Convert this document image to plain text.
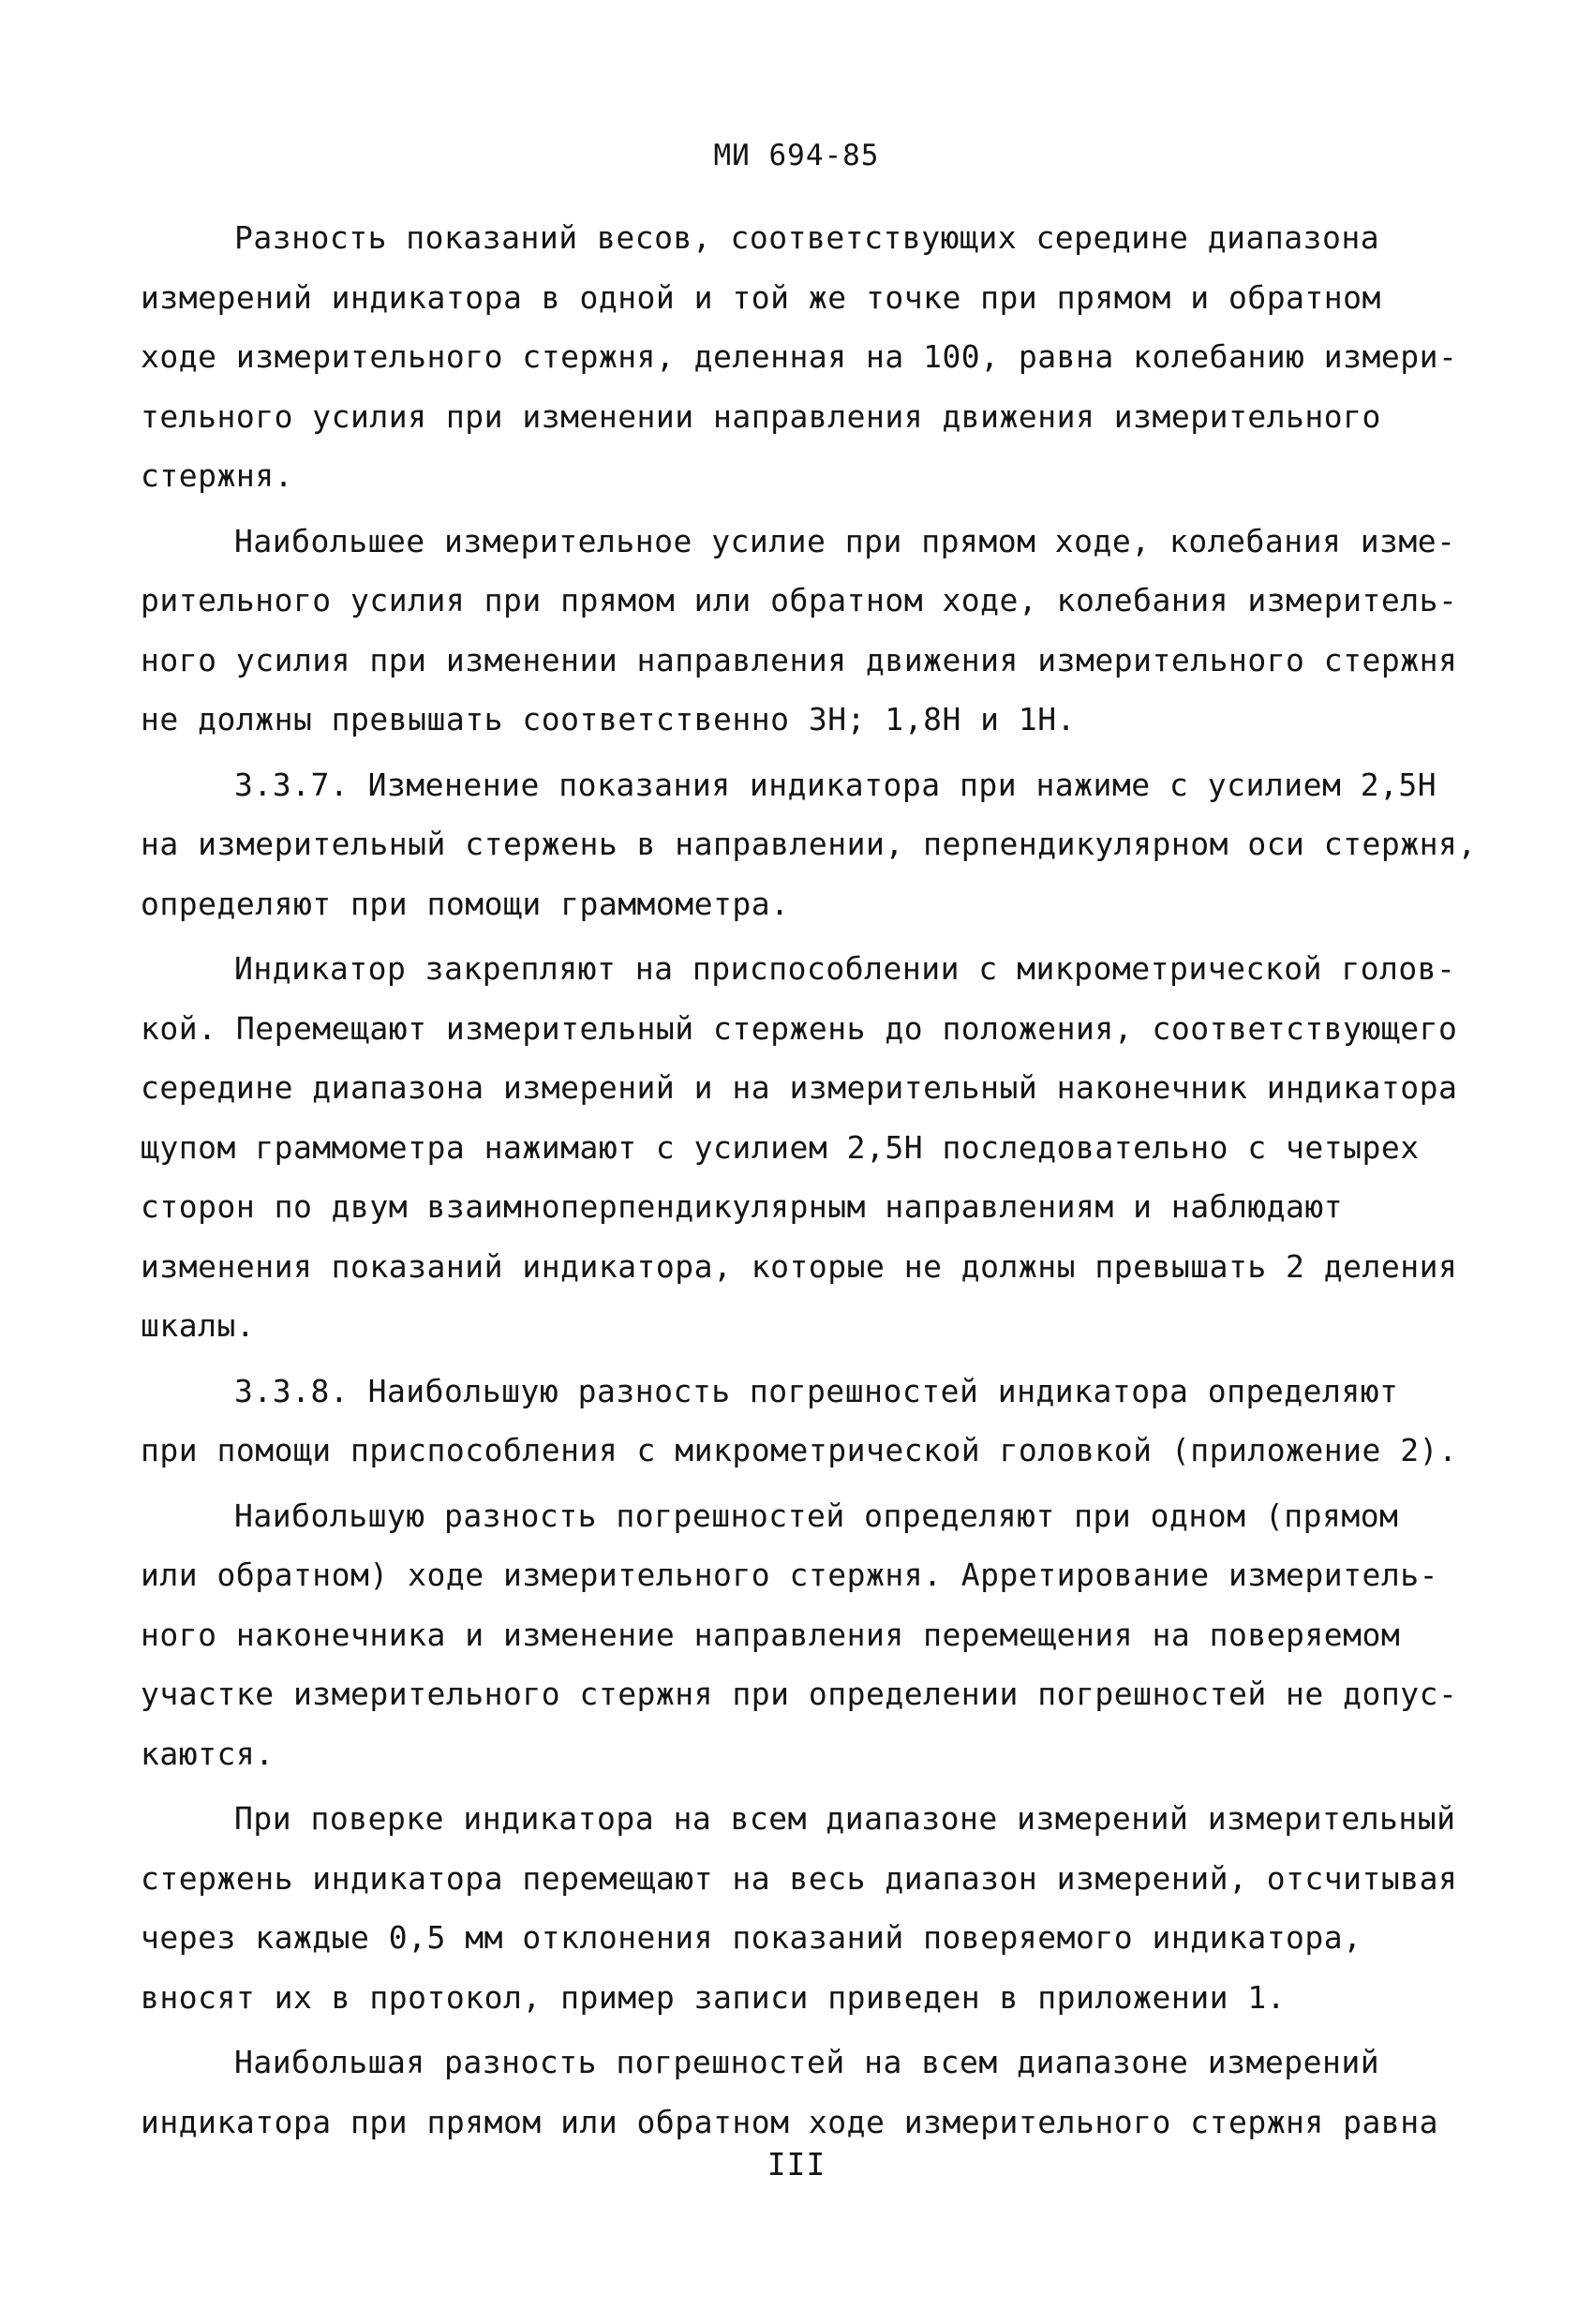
МИ 694-85
Разность показаний весов, соответствующих середине диапазона
измерений индикатора в одной и той же точке при прямом и обратном
ходе измерительного стержня, деленная на 100, равна колебанию измери-
тельного усилия при изменении направления движения измерительного
стержня.
Наибольшее измерительное усилие при прямом ходе, колебания изме-
рительного усилия при прямом или обратном ходе, колебания измеритель-
ного усилия при изменении направления движения измерительного стержня
не должны превышать соответственно 3Н; 1,8Н и 1Н.
3.3.7. Изменение показания индикатора при нажиме с усилием 2,5Н
на измерительный стержень в направлении, перпендикулярном оси стержня,
определяют при помощи граммометра.
Индикатор закрепляют на приспособлении с микрометрической голов-
кой. Перемещают измерительный стержень до положения, соответствующего
середине диапазона измерений и на измерительный наконечник индикатора
щупом граммометра нажимают с усилием 2,5Н последовательно с четырех
сторон по двум взаимноперпендикулярным направлениям и наблюдают
изменения показаний индикатора, которые не должны превышать 2 деления
шкалы.
3.3.8. Наибольшую разность погрешностей индикатора определяют
при помощи приспособления с микрометрической головкой (приложение 2).
Наибольшую разность погрешностей определяют при одном (прямом
или обратном) ходе измерительного стержня. Арретирование измеритель-
ного наконечника и изменение направления перемещения на поверяемом
участке измерительного стержня при определении погрешностей не допус-
каются.
При поверке индикатора на всем диапазоне измерений измерительный
стержень индикатора перемещают на весь диапазон измерений, отсчитывая
через каждые 0,5 мм отклонения показаний поверяемого индикатора,
вносят их в протокол, пример записи приведен в приложении 1.
Наибольшая разность погрешностей на всем диапазоне измерений
индикатора при прямом или обратном ходе измерительного стержня равна
III
